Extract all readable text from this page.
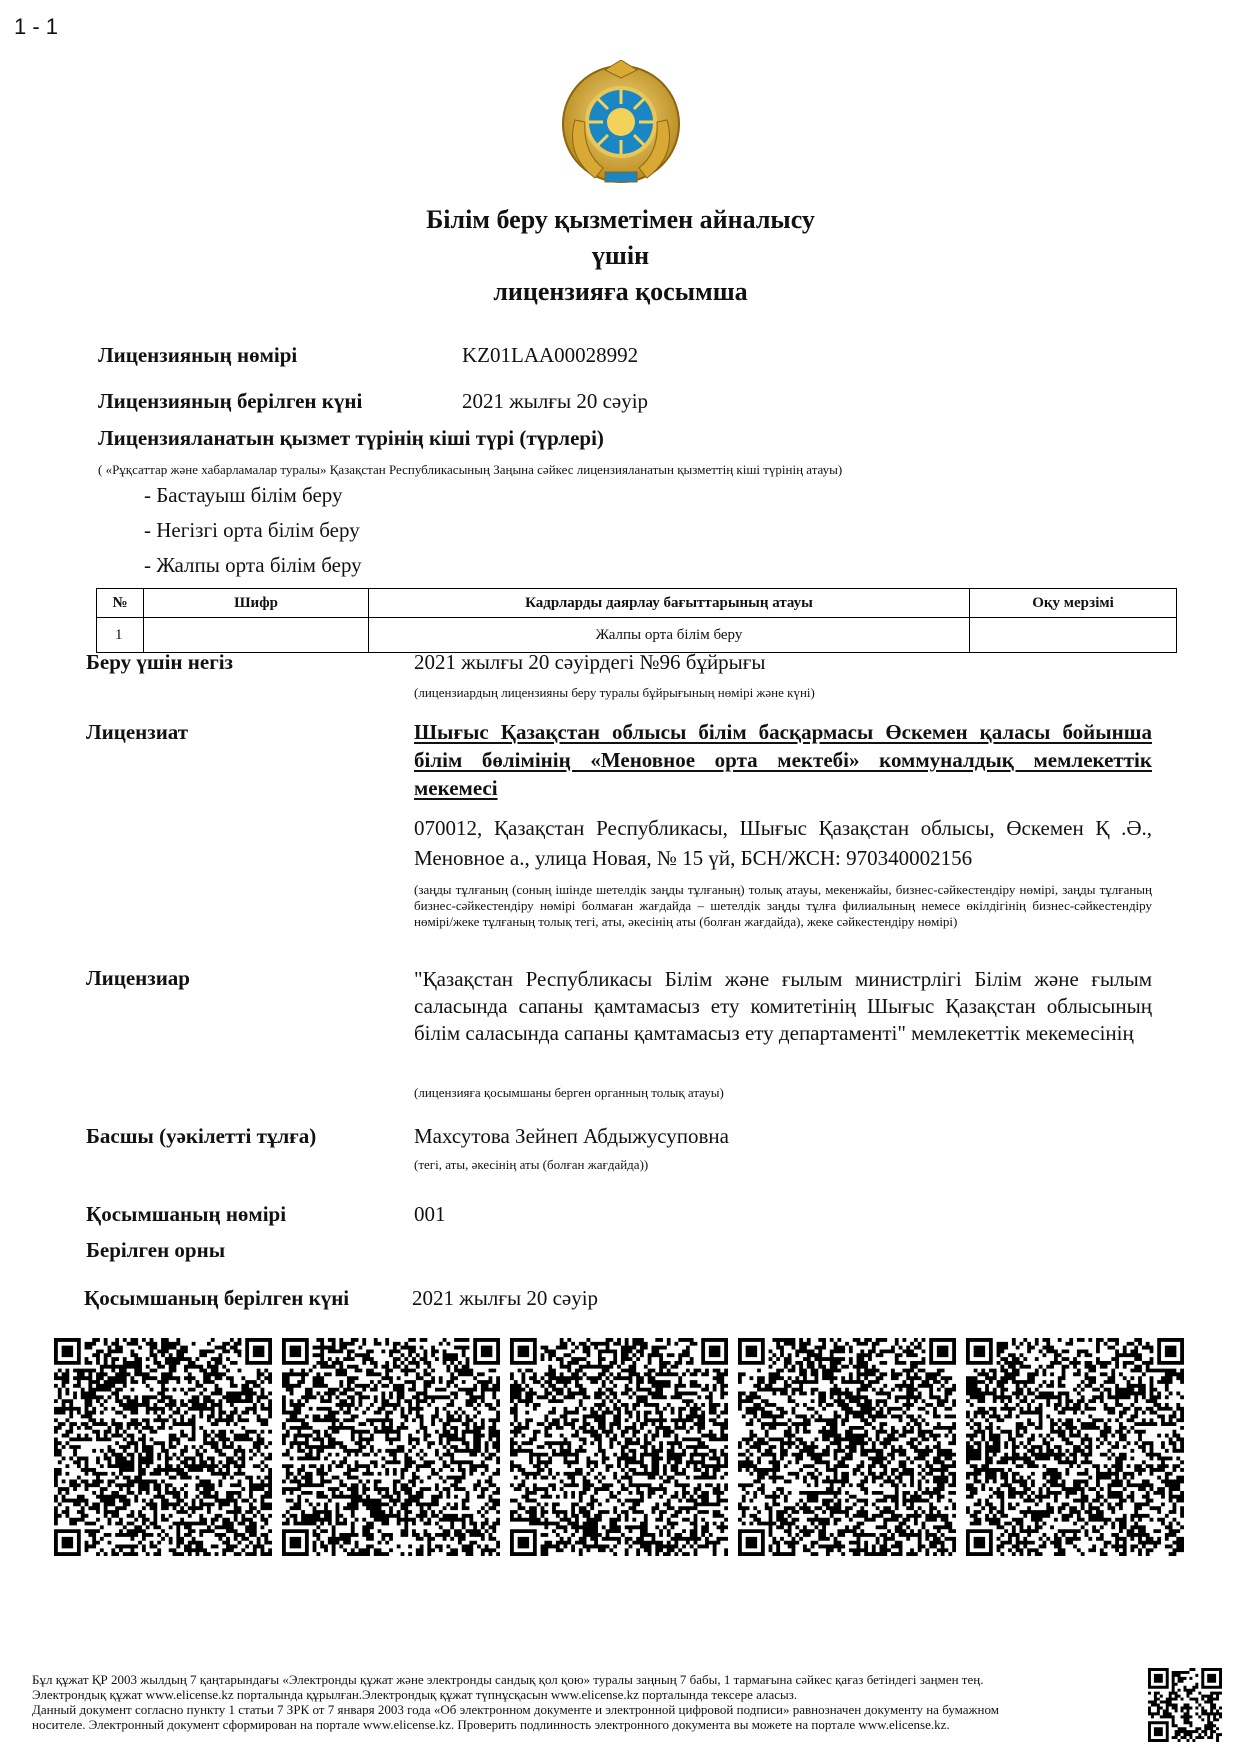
1 - 1
Білім беру қызметімен айналысу
үшін
лицензияға қосымша
Лицензияның нөмірі	KZ01LAA00028992
Лицензияның берілген күні	2021 жылғы 20 сәуір
Лицензияланатын қызмет түрінің кіші түрі (түрлері)
( «Рұқсаттар және хабарламалар туралы» Қазақстан Республикасының Заңына сәйкес лицензияланатын қызметтің кіші түрінің атауы)
- Бастауыш білім беру
- Негізгі орта білім беру
- Жалпы орта білім беру
№	Шифр	Кадрларды даярлау бағыттарының атауы	Оқу мерзімі
1		Жалпы орта білім беру	
Беру үшін негіз	2021 жылғы 20 сәуірдегі №96 бұйрығы
(лицензиардың лицензияны беру туралы бұйрығының нөмірі және күні)
Лицензиат	Шығыс Қазақстан облысы білім басқармасы Өскемен қаласы бойынша білім бөлімінің «Меновное орта мектебі» коммуналдық мемлекеттік мекемесі
070012, Қазақстан Республикасы, Шығыс Қазақстан облысы, Өскемен Қ .Ә., Меновное а., улица Новая, № 15 үй, БСН/ЖСН: 970340002156
(заңды тұлғаның (соның ішінде шетелдік заңды тұлғаның) толық атауы, мекенжайы, бизнес-сәйкестендіру нөмірі, заңды тұлғаның бизнес-сәйкестендіру нөмірі болмаған жағдайда – шетелдік заңды тұлға филиалының немесе өкілдігінің бизнес-сәйкестендіру нөмірі/жеке тұлғаның толық тегі, аты, әкесінің аты (болған жағдайда), жеке сәйкестендіру нөмірі)
Лицензиар	"Қазақстан Республикасы Білім және ғылым министрлігі Білім және ғылым саласында сапаны қамтамасыз ету комитетінің Шығыс Қазақстан облысының білім саласында сапаны қамтамасыз ету департаменті" мемлекеттік мекемесінің
(лицензияға қосымшаны берген органның толық атауы)
Басшы (уәкілетті тұлға)	Махсутова Зейнеп Абдыжусуповна
(тегі, аты, әкесінің аты (болған жағдайда))
Қосымшаның нөмірі	001
Берілген орны
Қосымшаның берілген күні	2021 жылғы 20 сәуір
Бұл құжат ҚР 2003 жылдың 7 қаңтарындағы «Электронды құжат және электронды сандық қол қою» туралы заңның 7 бабы, 1 тармағына сәйкес қағаз бетіндегі заңмен тең.
Электрондық құжат www.elicense.kz порталында құрылған.Электрондық құжат түпнұсқасын www.elicense.kz порталында тексере аласыз.
Данный документ согласно пункту 1 статьи 7 ЗРК от 7 января 2003 года «Об электронном документе и электронной цифровой подписи» равнозначен документу на бумажном
носителе. Электронный документ сформирован на портале www.elicense.kz. Проверить подлинность электронного документа вы можете на портале www.elicense.kz.
